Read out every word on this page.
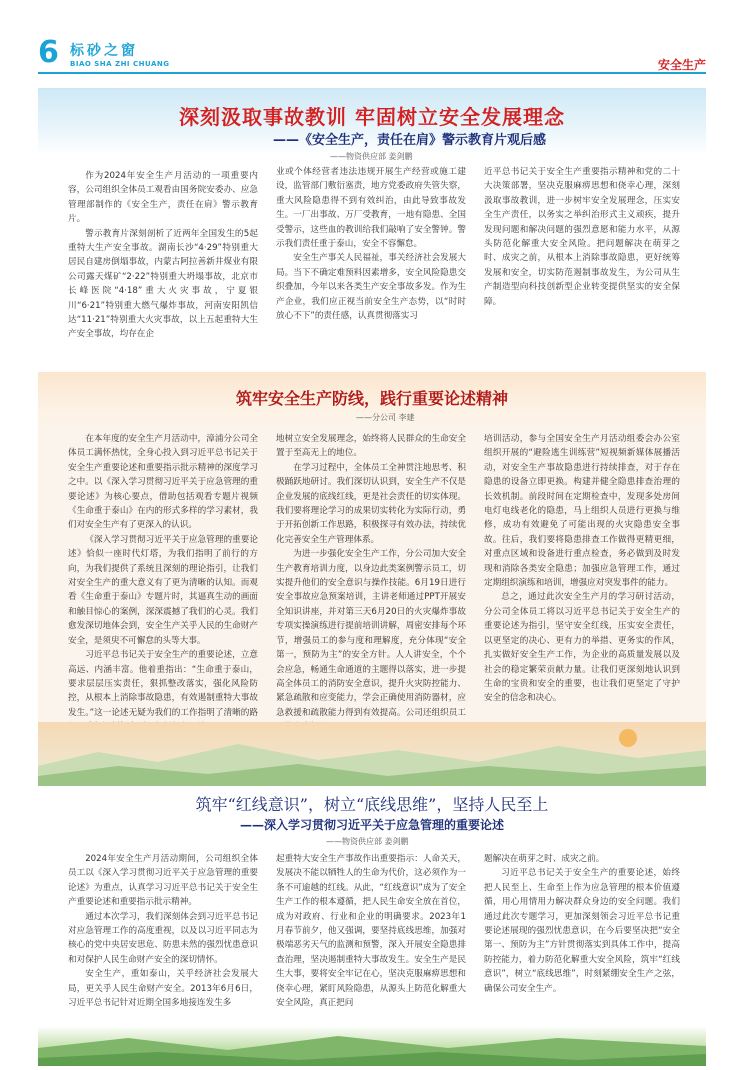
6 标砂之窗
BIAO SHA ZHI CHUANG	安全生产
深刻汲取事故教训 牢固树立安全发展理念
——《安全生产，责任在肩》警示教育片观后感
——物资供应部 姜剑鹏

作为2024年安全生产月活动的一项重要内容，公司组织全体员工观看由国务院安委办、应急管理部制作的《安全生产，责任在肩》警示教育片。

警示教育片深刻剖析了近两年全国发生的5起重特大生产安全事故。湖南长沙“4·29”特别重大居民自建房倒塌事故，内蒙古阿拉善新井煤业有限公司露天煤矿“2·22”特别重大坍塌事故，北京市长峰医院“4·18”重大火灾事故，宁夏银川“6·21”特别重大燃气爆炸事故，河南安阳凯信达“11·21”特别重大火灾事故，以上五起重特大生产安全事故，均存在企

业或个体经营者违法违规开展生产经营或施工建设，监管部门敷衍塞责，地方党委政府失管失察，重大风险隐患得不到有效纠治，由此导致事故发生。一厂出事故、万厂受教育，一地有隐患、全国受警示，这些血的教训给我们敲响了安全警钟。警示我们责任重于泰山，安全不容懈怠。

安全生产事关人民福祉，事关经济社会发展大局。当下不确定难预料因素增多，安全风险隐患交织叠加，今年以来各类生产安全事故多发。作为生产企业，我们应正视当前安全生产态势，以“时时放心不下”的责任感，认真贯彻落实习

近平总书记关于安全生产重要指示精神和党的二十大决策部署，坚决克服麻痹思想和侥幸心理，深刻汲取事故教训，进一步树牢安全发展理念，压实安全生产责任，以务实之举纠治形式主义顽疾，提升发现问题和解决问题的强烈意愿和能力水平，从源头防范化解重大安全风险。把问题解决在萌芽之时、成灾之前，从根本上消除事故隐患，更好统筹发展和安全，切实防范遏制事故发生，为公司从生产制造型向科技创新型企业转变提供坚实的安全保障。

筑牢安全生产防线，践行重要论述精神
——分公司 李建

在本年度的安全生产月活动中，漳浦分公司全体员工满怀热忱，全身心投入到习近平总书记关于安全生产重要论述和重要指示批示精神的深度学习之中。以《深入学习贯彻习近平关于应急管理的重要论述》为核心要点，借助包括观看专题片视频《生命重于泰山》在内的形式多样的学习素材，我们对安全生产有了更深入的认识。

《深入学习贯彻习近平关于应急管理的重要论述》恰似一座时代灯塔，为我们指明了前行的方向，为我们提供了系统且深刻的理论指引，让我们对安全生产的重大意义有了更为清晰的认知。而观看《生命重于泰山》专题片时，其逼真生动的画面和触目惊心的案例，深深震撼了我们的心灵。我们愈发深切地体会到，安全生产关乎人民的生命财产安全，是须臾不可懈怠的头等大事。

习近平总书记关于安全生产的重要论述，立意高远、内涵丰富。他着重指出：“生命重于泰山，要求层层压实责任，狠抓整改落实，强化风险防控，从根本上消除事故隐患，有效遏制重特大事故发生。”这一论述无疑为我们的工作指明了清晰的路

地树立安全发展理念，始终将人民群众的生命安全置于至高无上的地位。

在学习过程中，全体员工全神贯注地思考、积极踊跃地研讨。我们深切认识到，安全生产不仅是企业发展的底线红线，更是社会责任的切实体现。我们要将理论学习的成果切实转化为实际行动，勇于开拓创新工作思路，积极探寻有效办法，持续优化完善安全生产管理体系。

为进一步强化安全生产工作，分公司加大安全生产教育培训力度，以身边此类案例警示员工，切实提升他们的安全意识与操作技能。6月19日进行安全事故应急预案培训，主讲老师通过PPT开展安全知识讲座，并对第三天6月20日的火灾爆炸事故专项实操演练进行提前培训讲解，周密安排每个环节，增强员工的参与度和理解度，充分体现“安全第一，预防为主”的安全方针。人人讲安全，个个会应急，畅通生命通道的主题得以落实，进一步提高全体员工的消防安全意识，提升火灾防控能力、紧急疏散和应变能力，学会正确使用消防器材，应急救援和疏散能力得到有效提高。公司还组织员工

培训活动，参与全国安全生产月活动组委会办公室组织开展的“避险逃生训练营”短视频新媒体展播活动，对安全生产事故隐患进行持续排查，对于存在隐患的设备立即更换。构建并健全隐患排查治理的长效机制。前段时间在定期检查中，发现多处房间电灯电线老化的隐患，马上组织人员进行更换与维修，成功有效避免了可能出现的火灾隐患安全事故。往后，我们要将隐患排查工作做得更精更细，对重点区域和设备进行重点检查，务必做到及时发现和消除各类安全隐患；加强应急管理工作，通过定期组织演练和培训，增强应对突发事件的能力。

总之，通过此次安全生产月的学习研讨活动，分公司全体员工将以习近平总书记关于安全生产的重要论述为指引，坚守安全红线，压实安全责任，以更坚定的决心、更有力的举措、更务实的作风，扎实做好安全生产工作，为企业的高质量发展以及社会的稳定繁荣贡献力量。让我们更深刻地认识到生命的宝贵和安全的重要，也让我们更坚定了守护安全的信念和决心。

筑牢“红线意识”，树立“底线思维”，坚持人民至上
——深入学习贯彻习近平关于应急管理的重要论述
——物资供应部 姜剑鹏

2024年安全生产月活动期间，公司组织全体员工以《深入学习贯彻习近平关于应急管理的重要论述》为重点，认真学习习近平总书记关于安全生产重要论述和重要指示批示精神。

通过本次学习，我们深刻体会到习近平总书记对应急管理工作的高度重视，以及以习近平同志为核心的党中央居安思危、防患未然的强烈忧患意识和对保护人民生命财产安全的深切情怀。

安全生产，重如泰山，关乎经济社会发展大局，更关乎人民生命财产安全。2013年6月6日，习近平总书记针对近期全国多地接连发生多

起重特大安全生产事故作出重要指示：人命关天，发展决不能以牺牲人的生命为代价，这必须作为一条不可逾越的红线。从此，“红线意识”成为了安全生产工作的根本遵循，把人民生命安全放在首位，成为对政府、行业和企业的明确要求。2023年1月春节前夕，他又强调，要坚持底线思维，加强对极端恶劣天气的监测和预警，深入开展安全隐患排查治理，坚决遏制重特大事故发生。安全生产是民生大事，要将安全牢记在心，坚决克服麻痹思想和侥幸心理，紧盯风险隐患，从源头上防范化解重大安全风险，真正把问

题解决在萌芽之时、成灾之前。

习近平总书记关于安全生产的重要论述，始终把人民至上、生命至上作为应急管理的根本价值遵循，用心用情用力解决群众身边的安全问题。我们通过此次专题学习，更加深刻领会习近平总书记重要论述展现的强烈忧患意识，在今后要坚决把“安全第一、预防为主”方针贯彻落实到具体工作中，提高防控能力，着力防范化解重大安全风险，筑牢“红线意识”，树立“底线思维”，时刻紧绷安全生产之弦，确保公司安全生产。
